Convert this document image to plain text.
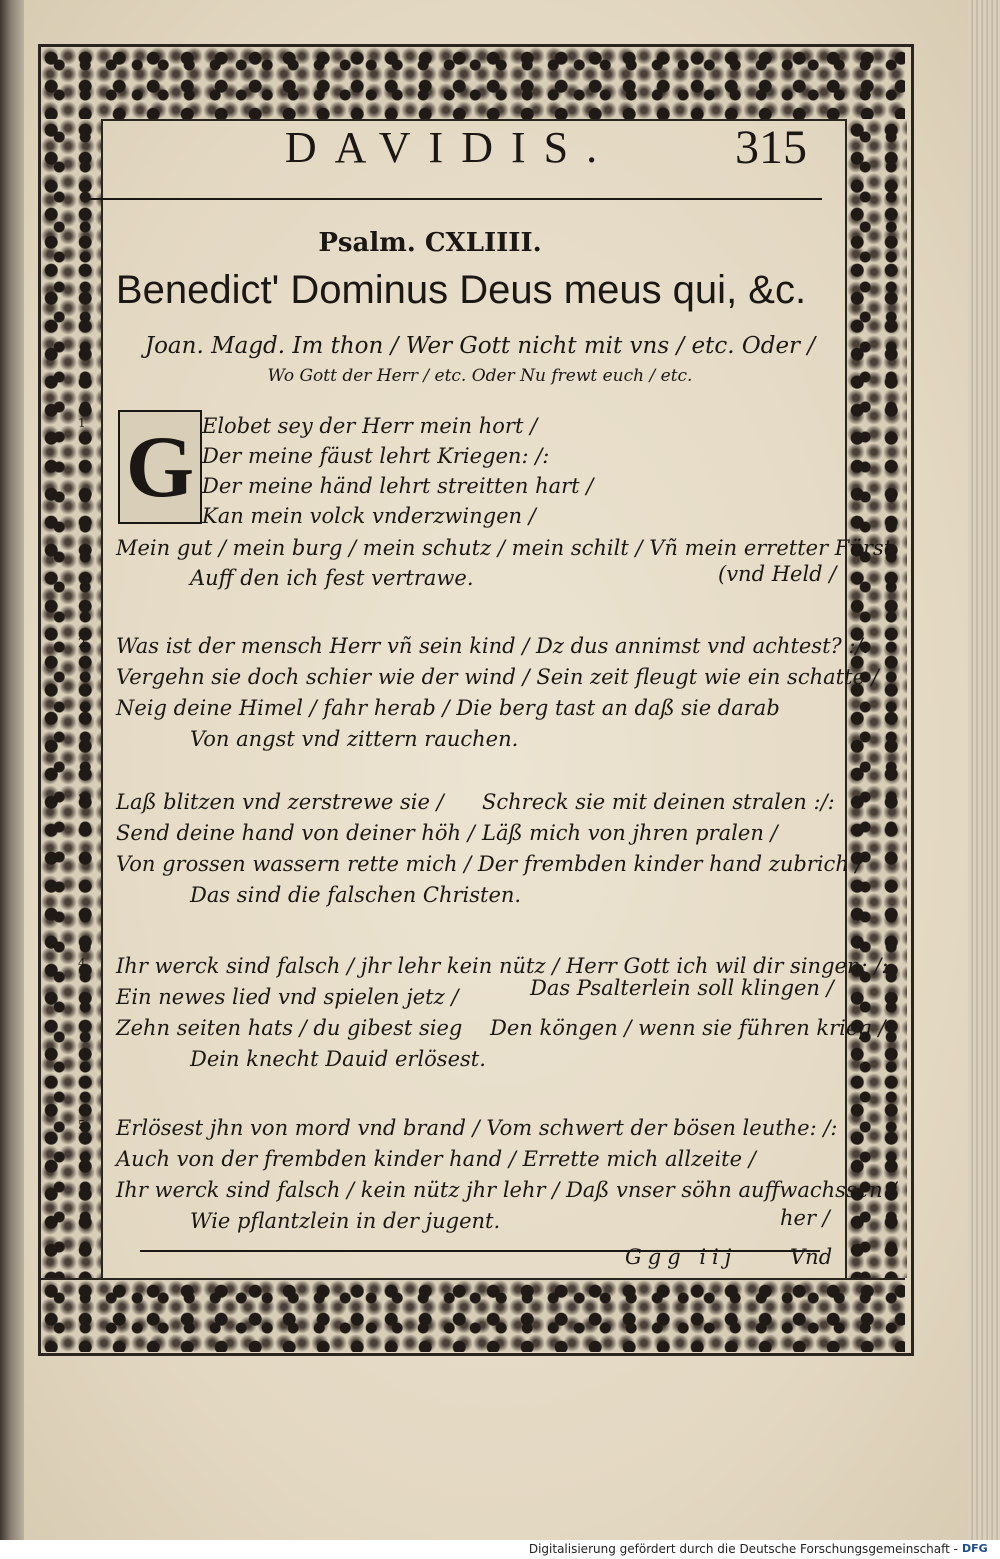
DAVIDIS.	315
Psalm. CXLIIII.
Benedict' Dominus Deus meus qui, &c.
Joan. Magd. Im thon / Wer Gott nicht mit vns / etc. Oder /
Wo Gott der Herr / etc. Oder Nu frewt euch / etc.
1 G Elobet sey der Herr mein hort /
Der meine fäust lehrt Kriegen: /:
Der meine händ lehrt streitten hart /
Kan mein volck vnderzwingen /
Mein gut / mein burg / mein schutz / mein schilt / Vñ mein erretter Fürst
Auff den ich fest vertrawe.	(vnd Held /
2 Was ist der mensch Herr vñ sein kind / Dz dus annimst vnd achtest? :/:
Vergehn sie doch schier wie der wind / Sein zeit fleugt wie ein schatte /
Neig deine Himel / fahr herab / Die berg tast an daß sie darab
Von angst vnd zittern rauchen.
3 Laß blitzen vnd zerstrewe sie / Schreck sie mit deinen stralen :/:
Send deine hand von deiner höh / Läß mich von jhren pralen /
Von grossen wassern rette mich / Der frembden kinder hand zubrich /
Das sind die falschen Christen.
4 Ihr werck sind falsch / jhr lehr kein nütz / Herr Gott ich wil dir singen: /:
Ein newes lied vnd spielen jetz /	Das Psalterlein soll klingen /
Zehn seiten hats / du gibest sieg Den köngen / wenn sie führen krieg /
Dein knecht Dauid erlösest.
5 Erlösest jhn von mord vnd brand / Vom schwert der bösen leuthe: /:
Auch von der frembden kinder hand / Errette mich allzeite /
Ihr werck sind falsch / kein nütz jhr lehr / Daß vnser söhn auffwachssen /
Wie pflantzlein in der jugent.	her /
Ggg iij	Vnd
Digitalisierung gefördert durch die Deutsche Forschungsgemeinschaft - DFG
